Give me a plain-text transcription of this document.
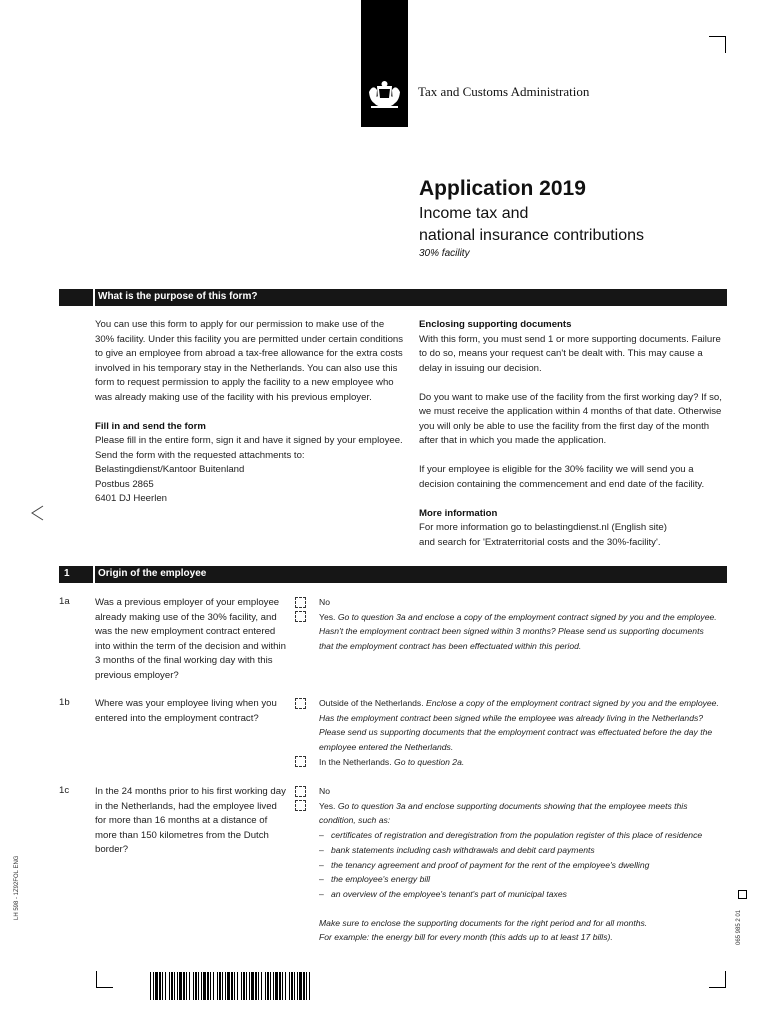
Tax and Customs Administration
Application 2019
Income tax and
national insurance contributions
30% facility
What is the purpose of this form?

You can use this form to apply for our permission to make use of the 30% facility. Under this facility you are permitted under certain conditions to give an employee from abroad a tax-free allowance for the extra costs involved in his temporary stay in the Netherlands. You can also use this form to request permission to apply the facility to a new employee who was already making use of the facility with his previous employer.

Fill in and send the form
Please fill in the entire form, sign it and have it signed by your employee. Send the form with the requested attachments to:
Belastingdienst/Kantoor Buitenland
Postbus 2865
6401 DJ Heerlen
Enclosing supporting documents

With this form, you must send 1 or more supporting documents. Failure to do so, means your request can't be dealt with. This may cause a delay in issuing our decision.

Do you want to make use of the facility from the first working day? If so, we must receive the application within 4 months of that date. Otherwise you will only be able to use the facility from the first day of the month after that in which you made the application.

If your employee is eligible for the 30% facility we will send you a decision containing the commencement and end date of the facility.

More information
For more information go to belastingdienst.nl (English site)
and search for 'Extraterritorial costs and the 30%-facility'.
1	Origin of the employee
1a	Was a previous employer of your employee already making use of the 30% facility, and was the new employment contract entered into within the term of the decision and within 3 months of the final working day with this previous employer?
No
Yes. Go to question 3a and enclose a copy of the employment contract signed by you and the employee. Hasn't the employment contract been signed within 3 months? Please send us supporting documents that the employment contract has been effectuated within this period.
1b	Where was your employee living when you entered into the employment contract?
Outside of the Netherlands. Enclose a copy of the employment contract signed by you and the employee. Has the employment contract been signed while the employee was already living in the Netherlands? Please send us supporting documents that the employment contract was effectuated before the day the employee entered the Netherlands.
In the Netherlands. Go to question 2a.
1c	In the 24 months prior to his first working day in the Netherlands, had the employee lived for more than 16 months at a distance of more than 150 kilometres from the Dutch border?
No
Yes. Go to question 3a and enclose supporting documents showing that the employee meets this condition, such as:
– certificates of registration and deregistration from the population register of this place of residence
– bank statements including cash withdrawals and debit card payments
– the tenancy agreement and proof of payment for the rent of the employee's dwelling
– the employee's energy bill
– an overview of the employee's tenant's part of municipal taxes
Make sure to enclose the supporting documents for the right period and for all months.
For example: the energy bill for every month (this adds up to at least 17 bills).
LH 598 - 1Z92FOL ENG
065 985 2 01
